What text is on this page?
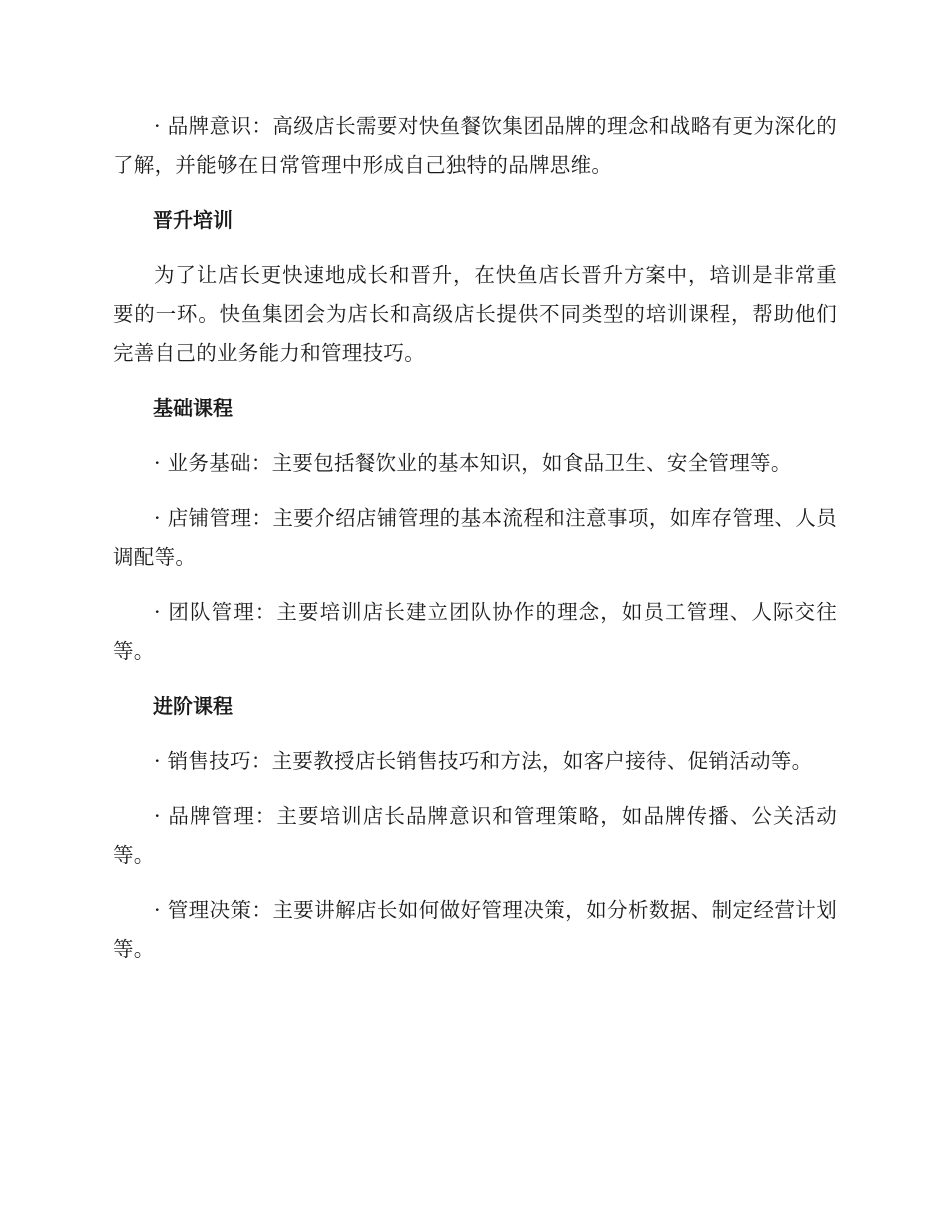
· 品牌意识：高级店长需要对快鱼餐饮集团品牌的理念和战略有更为深化的了解，并能够在日常管理中形成自己独特的品牌思维。

晋升培训

为了让店长更快速地成长和晋升，在快鱼店长晋升方案中，培训是非常重要的一环。快鱼集团会为店长和高级店长提供不同类型的培训课程，帮助他们完善自己的业务能力和管理技巧。

基础课程

· 业务基础：主要包括餐饮业的基本知识，如食品卫生、安全管理等。

· 店铺管理：主要介绍店铺管理的基本流程和注意事项，如库存管理、人员调配等。

· 团队管理：主要培训店长建立团队协作的理念，如员工管理、人际交往等。

进阶课程

· 销售技巧：主要教授店长销售技巧和方法，如客户接待、促销活动等。

· 品牌管理：主要培训店长品牌意识和管理策略，如品牌传播、公关活动等。

· 管理决策：主要讲解店长如何做好管理决策，如分析数据、制定经营计划等。
